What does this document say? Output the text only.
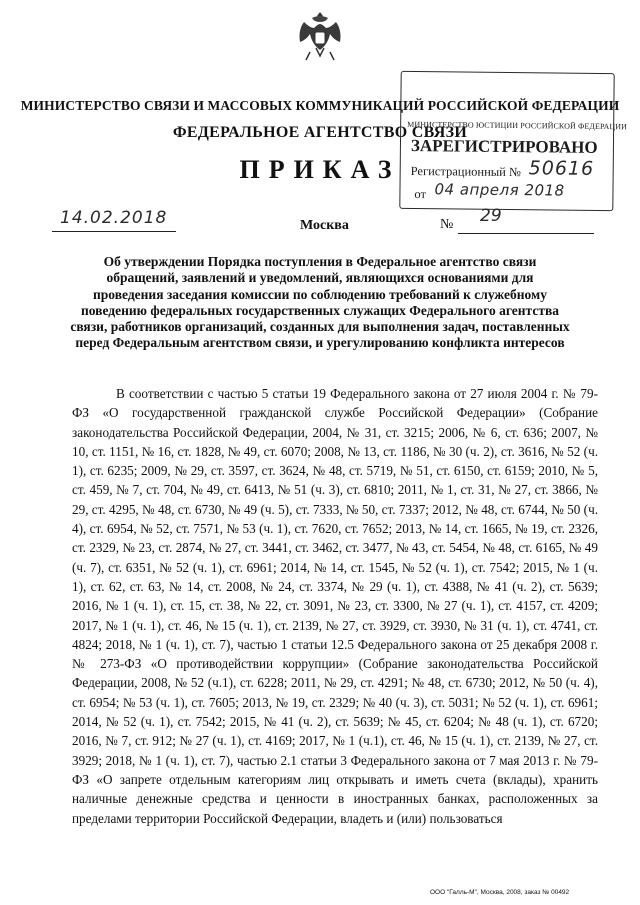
МИНИСТЕРСТВО СВЯЗИ И МАССОВЫХ КОММУНИКАЦИЙ РОССИЙСКОЙ ФЕДЕРАЦИИ
ФЕДЕРАЛЬНОЕ АГЕНТСТВО СВЯЗИ
ПРИКАЗ
МИНИСТЕРСТВО ЮСТИЦИИ РОССИЙСКОЙ ФЕДЕРАЦИИ
ЗАРЕГИСТРИРОВАНО
Регистрационный № 50616
от 04 апреля 2018
14.02.2018	Москва	№ 29
Об утверждении Порядка поступления в Федеральное агентство связи обращений, заявлений и уведомлений, являющихся основаниями для проведения заседания комиссии по соблюдению требований к служебному поведению федеральных государственных служащих Федерального агентства связи, работников организаций, созданных для выполнения задач, поставленных перед Федеральным агентством связи, и урегулированию конфликта интересов

В соответствии с частью 5 статьи 19 Федерального закона от 27 июля 2004 г. № 79-ФЗ «О государственной гражданской службе Российской Федерации» (Собрание законодательства Российской Федерации, 2004, № 31, ст. 3215; 2006, № 6, ст. 636; 2007, № 10, ст. 1151, № 16, ст. 1828, № 49, ст. 6070; 2008, № 13, ст. 1186, № 30 (ч. 2), ст. 3616, № 52 (ч. 1), ст. 6235; 2009, № 29, ст. 3597, ст. 3624, № 48, ст. 5719, № 51, ст. 6150, ст. 6159; 2010, № 5, ст. 459, № 7, ст. 704, № 49, ст. 6413, № 51 (ч. 3), ст. 6810; 2011, № 1, ст. 31, № 27, ст. 3866, № 29, ст. 4295, № 48, ст. 6730, № 49 (ч. 5), ст. 7333, № 50, ст. 7337; 2012, № 48, ст. 6744, № 50 (ч. 4), ст. 6954, № 52, ст. 7571, № 53 (ч. 1), ст. 7620, ст. 7652; 2013, № 14, ст. 1665, № 19, ст. 2326, ст. 2329, № 23, ст. 2874, № 27, ст. 3441, ст. 3462, ст. 3477, № 43, ст. 5454, № 48, ст. 6165, № 49 (ч. 7), ст. 6351, № 52 (ч. 1), ст. 6961; 2014, № 14, ст. 1545, № 52 (ч. 1), ст. 7542; 2015, № 1 (ч. 1), ст. 62, ст. 63, № 14, ст. 2008, № 24, ст. 3374, № 29 (ч. 1), ст. 4388, № 41 (ч. 2), ст. 5639; 2016, № 1 (ч. 1), ст. 15, ст. 38, № 22, ст. 3091, № 23, ст. 3300, № 27 (ч. 1), ст. 4157, ст. 4209; 2017, № 1 (ч. 1), ст. 46, № 15 (ч. 1), ст. 2139, № 27, ст. 3929, ст. 3930, № 31 (ч. 1), ст. 4741, ст. 4824; 2018, № 1 (ч. 1), ст. 7), частью 1 статьи 12.5 Федерального закона от 25 декабря 2008 г. № 273-ФЗ «О противодействии коррупции» (Собрание законодательства Российской Федерации, 2008, № 52 (ч.1), ст. 6228; 2011, № 29, ст. 4291; № 48, ст. 6730; 2012, № 50 (ч. 4), ст. 6954; № 53 (ч. 1), ст. 7605; 2013, № 19, ст. 2329; № 40 (ч. 3), ст. 5031; № 52 (ч. 1), ст. 6961; 2014, № 52 (ч. 1), ст. 7542; 2015, № 41 (ч. 2), ст. 5639; № 45, ст. 6204; № 48 (ч. 1), ст. 6720; 2016, № 7, ст. 912; № 27 (ч. 1), ст. 4169; 2017, № 1 (ч.1), ст. 46, № 15 (ч. 1), ст. 2139, № 27, ст. 3929; 2018, № 1 (ч. 1), ст. 7), частью 2.1 статьи 3 Федерального закона от 7 мая 2013 г. № 79-ФЗ «О запрете отдельным категориям лиц открывать и иметь счета (вклады), хранить наличные денежные средства и ценности в иностранных банках, расположенных за пределами территории Российской Федерации, владеть и (или) пользоваться

ООО "Галль-М", Москва, 2008, заказ № 00492
